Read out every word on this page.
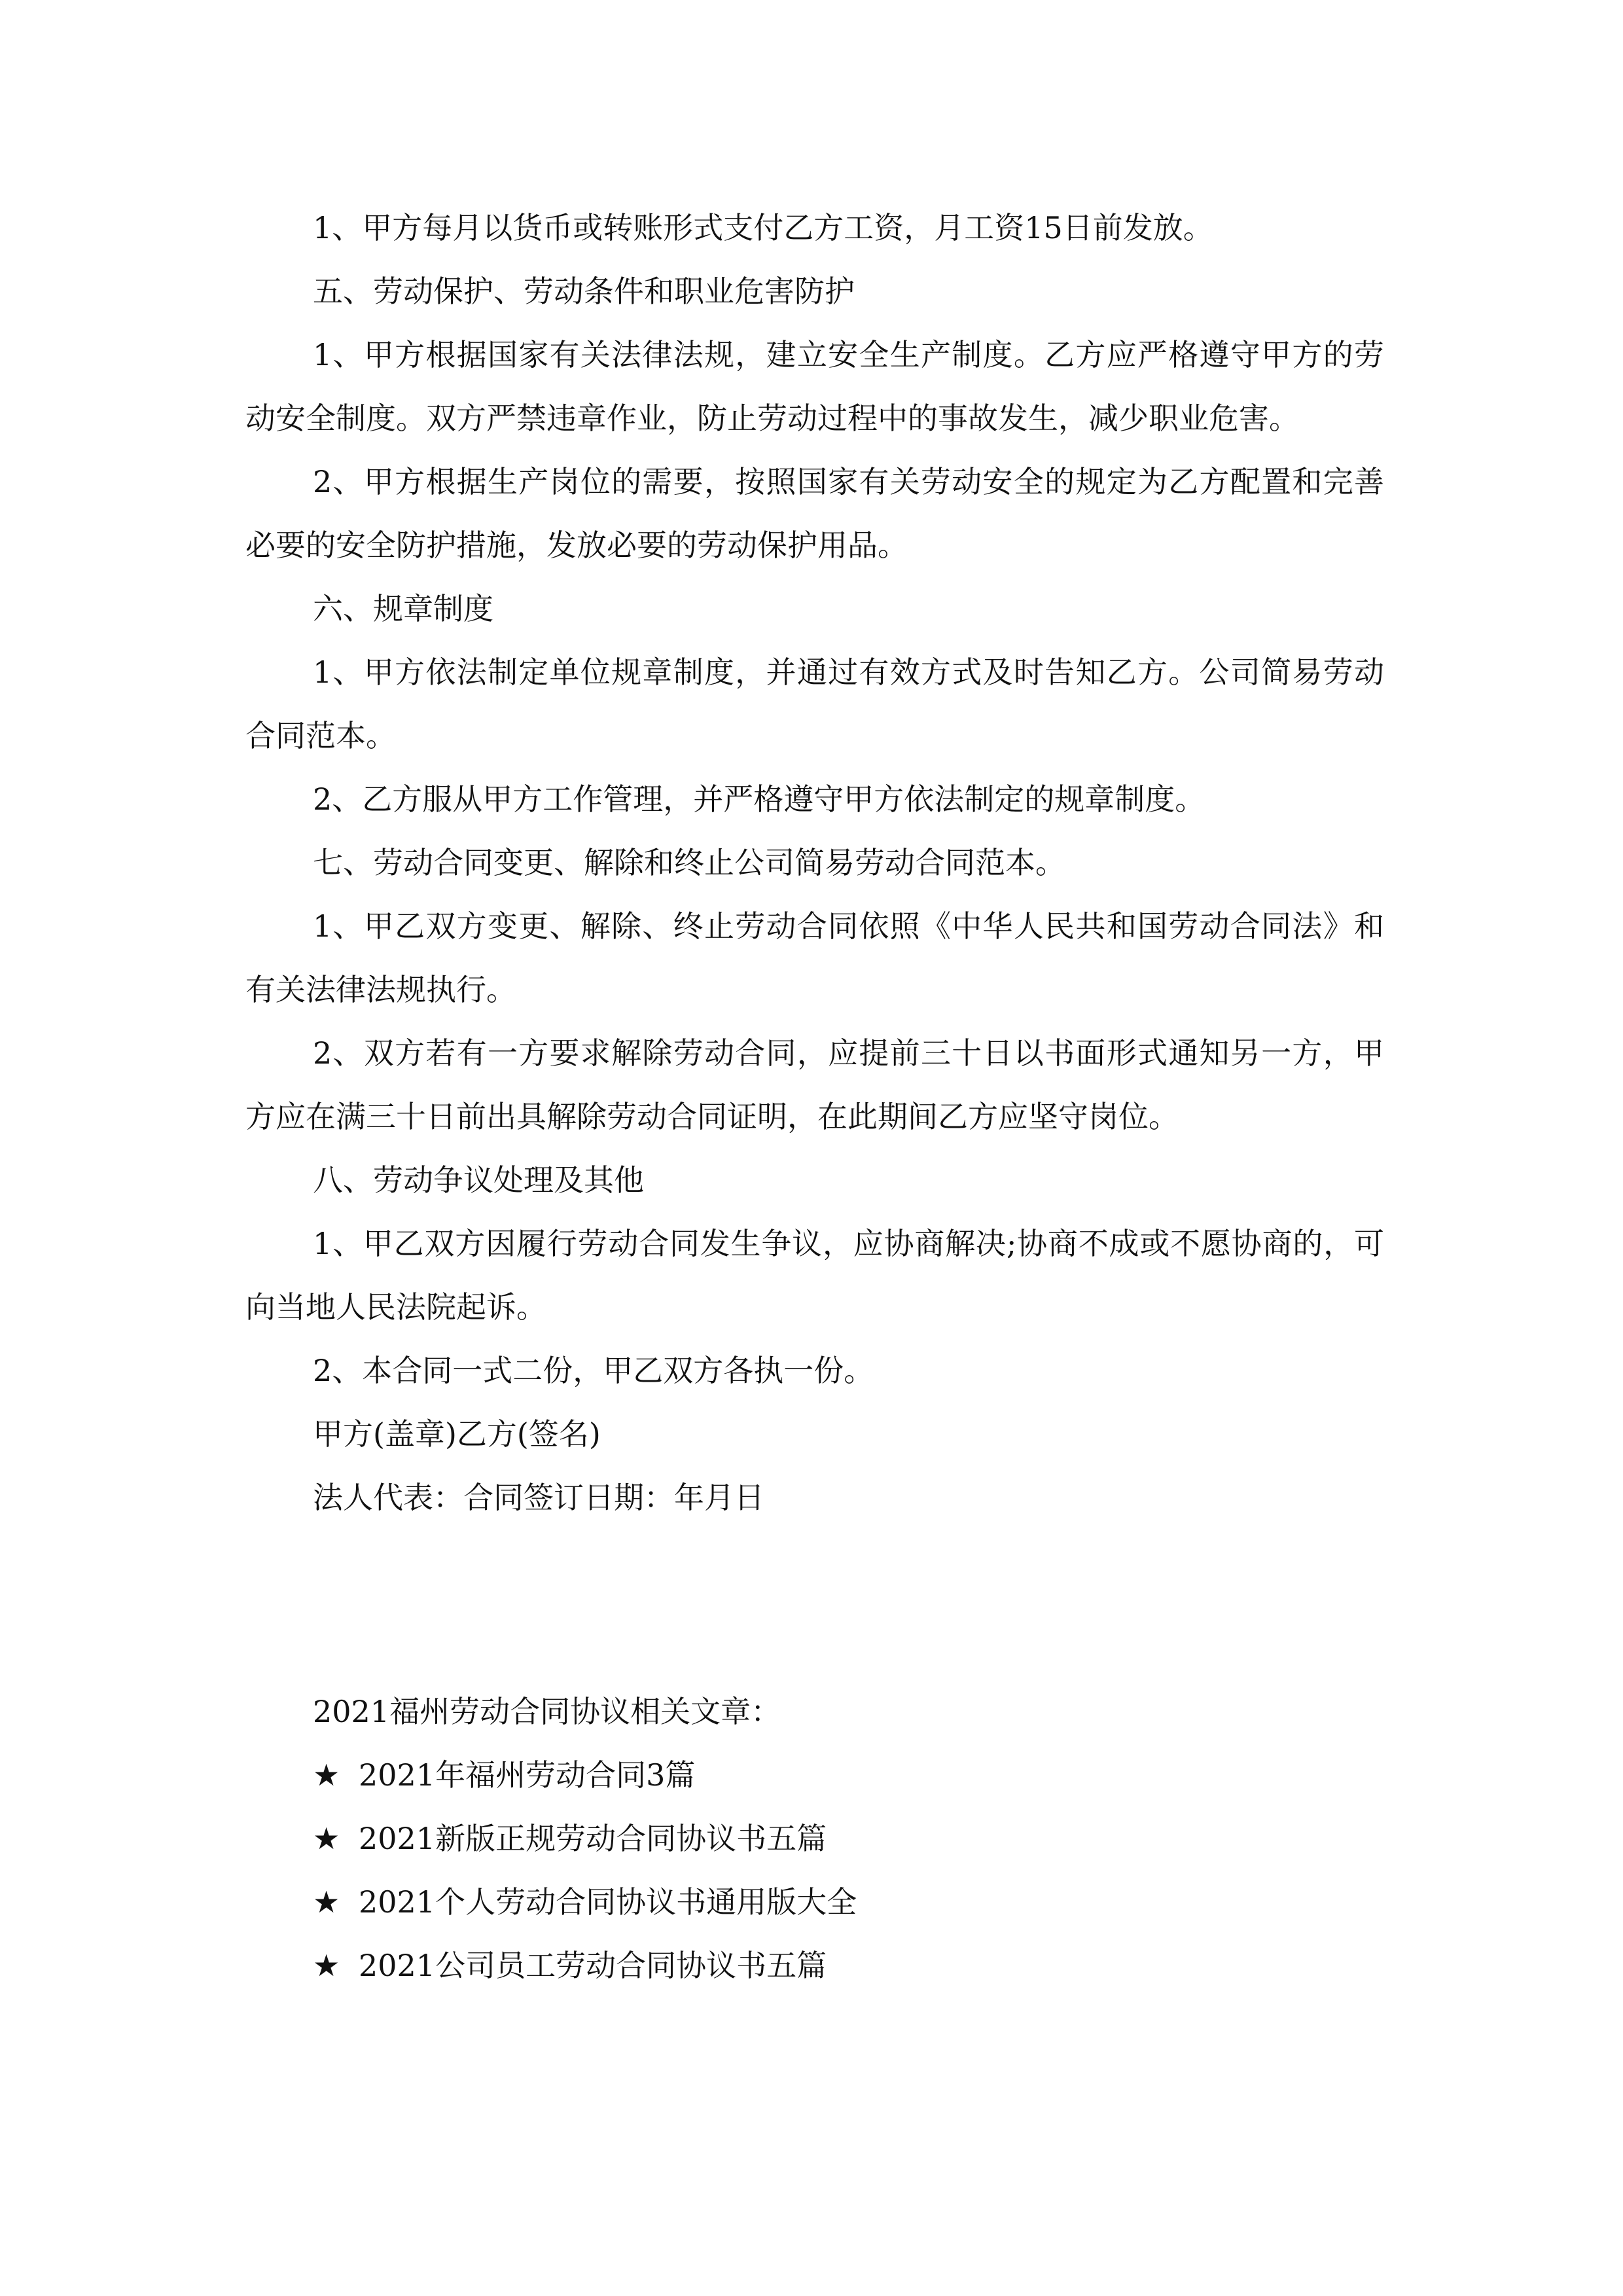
1、甲方每月以货币或转账形式支付乙方工资，月工资15日前发放。

五、劳动保护、劳动条件和职业危害防护

1、甲方根据国家有关法律法规，建立安全生产制度。乙方应严格遵守甲方的劳动安全制度。双方严禁违章作业，防止劳动过程中的事故发生，减少职业危害。

2、甲方根据生产岗位的需要，按照国家有关劳动安全的规定为乙方配置和完善必要的安全防护措施，发放必要的劳动保护用品。

六、规章制度

1、甲方依法制定单位规章制度，并通过有效方式及时告知乙方。公司简易劳动合同范本。

2、乙方服从甲方工作管理，并严格遵守甲方依法制定的规章制度。

七、劳动合同变更、解除和终止公司简易劳动合同范本。

1、甲乙双方变更、解除、终止劳动合同依照《中华人民共和国劳动合同法》和有关法律法规执行。

2、双方若有一方要求解除劳动合同，应提前三十日以书面形式通知另一方，甲方应在满三十日前出具解除劳动合同证明，在此期间乙方应坚守岗位。

八、劳动争议处理及其他

1、甲乙双方因履行劳动合同发生争议，应协商解决;协商不成或不愿协商的，可向当地人民法院起诉。

2、本合同一式二份，甲乙双方各执一份。

甲方(盖章)乙方(签名)

法人代表：合同签订日期：年月日

2021福州劳动合同协议相关文章：

★ 2021年福州劳动合同3篇
★ 2021新版正规劳动合同协议书五篇
★ 2021个人劳动合同协议书通用版大全
★ 2021公司员工劳动合同协议书五篇
